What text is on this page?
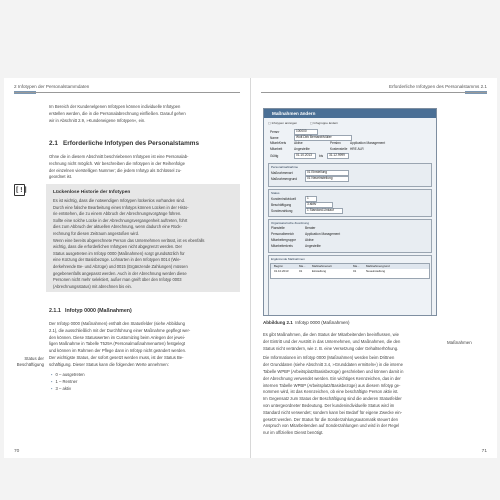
2 Infotypen der Personalstammdaten
Im Bereich der Kundenelgenen Infotypen können individuelle Infotypen
erstellen werden, die in die Personalabrechnung einfließen. Darauf gehen
wir in Abschnitt 2.9, »Kundeneigene Infotypen«, ein.
2.1 Erforderliche Infotypen des Personalstamms
Ohne die in diesem Abschnitt beschriebenen Infotypen ist eine Personalab-
rechnung nicht möglich. Wir beschreiben die Infotypen in der Reihenfolge
der einzelnen vierstelligen Nummer; die jedem Infotyp als Schlüssel zu-
geordnet ist.
[!]	Lückenlose Historie der Infotypen
Es ist wichtig, dass die notwendigen Infotypen lückenlos vorhanden sind.
Durch eine falsche Bearbeitung eines Infotyps können Lücken in der Histo-
rie entstehen, die zu einem Abbruch der Abrechnungsvorgänge führen.
Sollte eine solche Lücke in der Abrechnungsvergangenheit auftreten, führt
dies zum Abbruch der aktuellen Abrechnung, wenn dadurch eine Rück-
rechnung für diesen Zeitraum angestoßen wird.
Wenn eine bereits abgerechnete Person das Unternehmen verlässt, ist es ebenfalls
wichtig, dass die erforderlichen Infotypen nicht abgegrenzt werden. Der
Status ausgetreten im Infotyp 0000 (Maßnahmen) sorgt grundsätzlich für
eine Kürzung der Basisbezüge. Lohnarten in den Infotypen 0014 (Wie-
derkehrende Be- und Abzüge) und 0015 (Ergänzende Zahlungen) müssen
gegebenenfalls angepasst werden. Auch in der Abrechnung werden diese
Personen nicht mehr selektiert, außer man greift über den Infotyp 0003
(Abrechnungsstatus) mit abrechnen bis ein.
2.1.1 Infotyp 0000 (Maßnahmen)
Der Infotyp 0000 (Maßnahmen) enthält den Statusfelder (siehe Abbildung
2.1), die ausschließlich mit der Durchführung einer Maßnahme gepflegt wer-
den können. Diese Statuswerten im Customizing beim Anlegen der jewei-
ligen Maßnahme in Tabelle T529A (Personalmaßnahmenarten) festgelegt
und können im Rahmen der Pflege dann in Infotyp nicht geändert werden.
Der wichtigste Status, der sofort gesetzt werden muss, ist der Status Be-
schäftigung. Dieser Status kann die folgenden Werte annehmen:
Status der
Beschäftigung
▪ 0 – ausgetreten
▪ 1 – Rentner
▪ 3 – aktiv
70
Erforderliche Infotypen des Personalstamms 2.1
Maßnahmen ändern
▢ Infotypen anzeigen	▢ Infogruppe ändern
Persnr	100000
Name	Wolf-Dirk Bernardt/Müller
MitarbKreis Aktive	Persbrc	Application Management
Mitarbeit	Angestellte	Kostenstelle HRE ALR
Gültig	01.10.2013 bis 31.12.9999
Personalmaßnahme
Maßnahmenart	01 Einstellung
Maßnahmengrund	01 Neueinstellung
Status
Kundenindividuell	1
Beschäftigung	3 aktiv
Sonderzahlung	1 Standard-Unkauf
Organisatorische Zuordnung
Planstelle	Berater
Personalbereich	Application Management
Mitarbeitergruppe	Aktive
Mitarbeiterkreis	Angestellte
Ergänzende Maßnahmen
Beginn	Ma... Maßnahmenart	Ma... Maßnahmengrund
01.10.2013	01	Einstellung	01	Neueinstellung
Abbildung 2.1 Infotyp 0000 (Maßnahmen)
Es gibt Maßnahmen, die den Status der Mitarbeitenden beeinflussen, wie
der Eintritt und der Austritt in das Unternehmen, und Maßnahmen, die den
Status nicht verändern, wie z. B. eine Versetzung oder Gehaltserhöhung.
Die Informationen im Infotyp 0000 (Maßnahmen) werden beim Drittnen
der Grunddaten (siehe Abschnitt 3.4, »Grunddaten ermitteln«) in die interne
Tabelle WPBP (Arbeitsplatz/Basisbezüge) geschrieben und können damit in
der Abrechnung verwendet werden. Ein wichtiges Kennzeichen, das in der
internen Tabelle WPBP (Arbeitsplatz/Basisbezüge) aus diesem Infotyp ge-
nommen wird, ist das Kennzeichen, ob eine beschäftigte Person aktiv ist.
Im Gegensatz zum Status der Beschäftigung sind die anderen Statusfelder
von untergeordneter Bedeutung. Der kundenindividuelle Status wird im
Standard nicht verwendet; sondern kann bei Bedarf für eigene Zwecke ein-
gesetzt werden. Der Status für die Sonderzahlungsautomatik steuert den
Anspruch von Mitarbeitenden auf Sonderzahlungen und wird in der Regel
nur im offiziellen Dienst benötigt.
Maßnahmen
71
